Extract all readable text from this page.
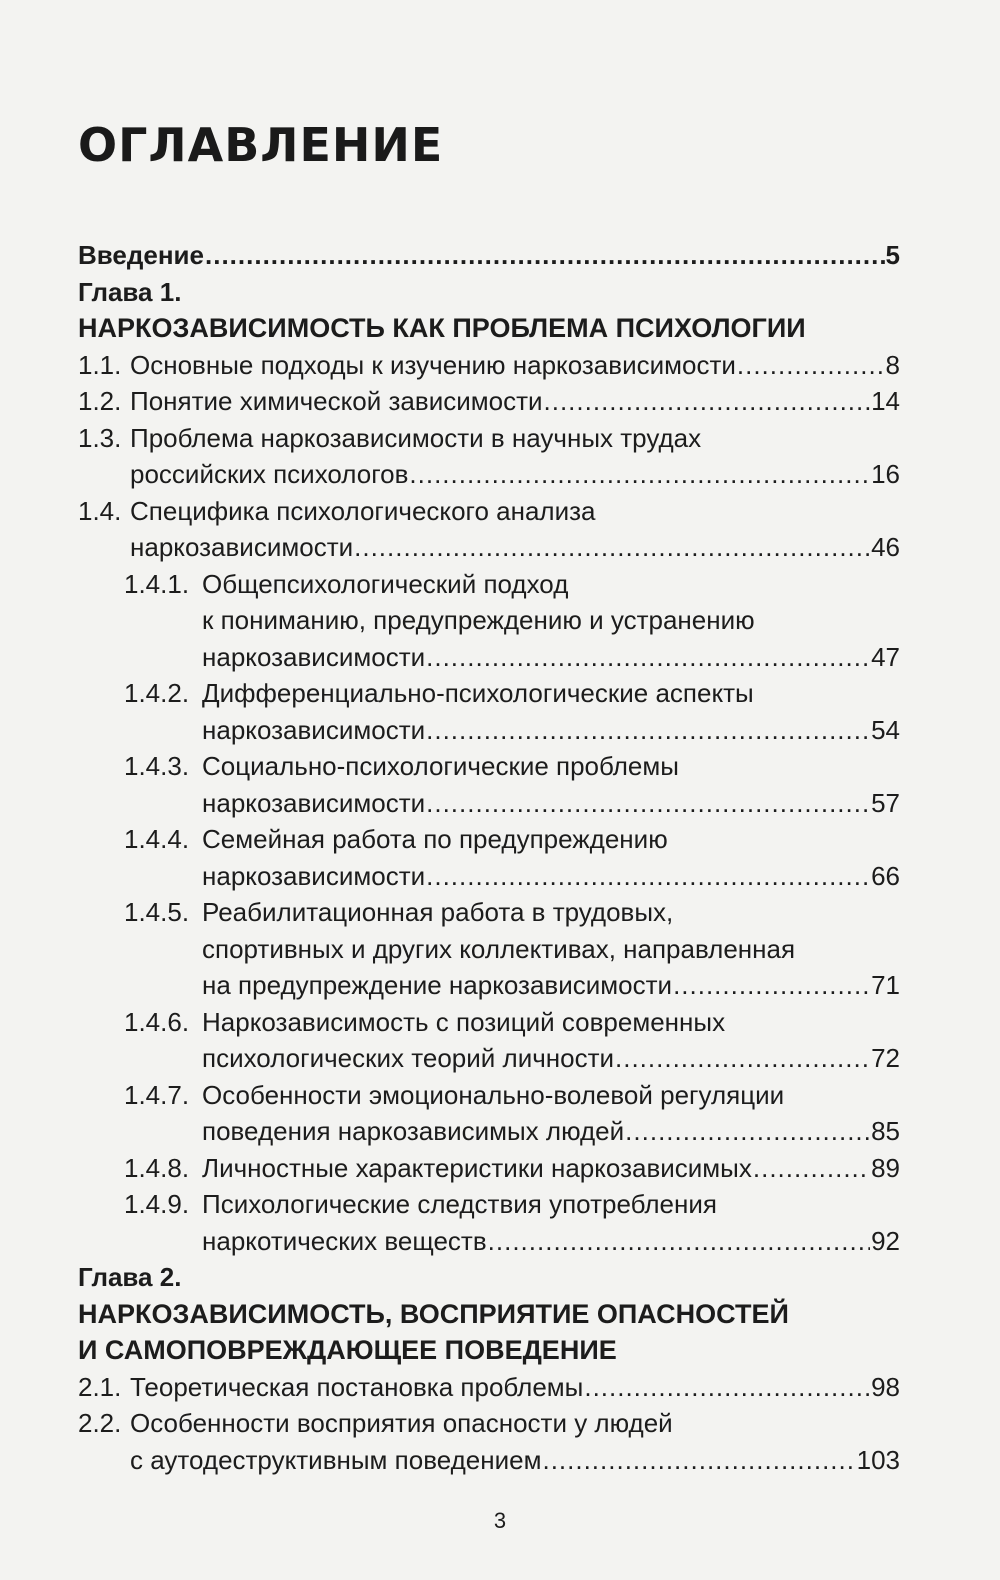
ОГЛАВЛЕНИЕ
Введение .....	5
Глава 1.
НАРКОЗАВИСИМОСТЬ КАК ПРОБЛЕМА ПСИХОЛОГИИ
1.1. Основные подходы к изучению наркозависимости .....	8
1.2. Понятие химической зависимости .....	14
1.3. Проблема наркозависимости в научных трудах
российских психологов .....	16
1.4. Специфика психологического анализа
наркозависимости .....	46
1.4.1. Общепсихологический подход
к пониманию, предупреждению и устранению
наркозависимости .....	47
1.4.2. Дифференциально-психологические аспекты
наркозависимости .....	54
1.4.3. Социально-психологические проблемы
наркозависимости .....	57
1.4.4. Семейная работа по предупреждению
наркозависимости .....	66
1.4.5. Реабилитационная работа в трудовых,
спортивных и других коллективах, направленная
на предупреждение наркозависимости .....	71
1.4.6. Наркозависимость с позиций современных
психологических теорий личности .....	72
1.4.7. Особенности эмоционально-волевой регуляции
поведения наркозависимых людей .....	85
1.4.8. Личностные характеристики наркозависимых .....	89
1.4.9. Психологические следствия употребления
наркотических веществ .....	92
Глава 2.
НАРКОЗАВИСИМОСТЬ, ВОСПРИЯТИЕ ОПАСНОСТЕЙ
И САМОПОВРЕЖДАЮЩЕЕ ПОВЕДЕНИЕ
2.1. Теоретическая постановка проблемы .....	98
2.2. Особенности восприятия опасности у людей
с аутодеструктивным поведением .....	103
3
